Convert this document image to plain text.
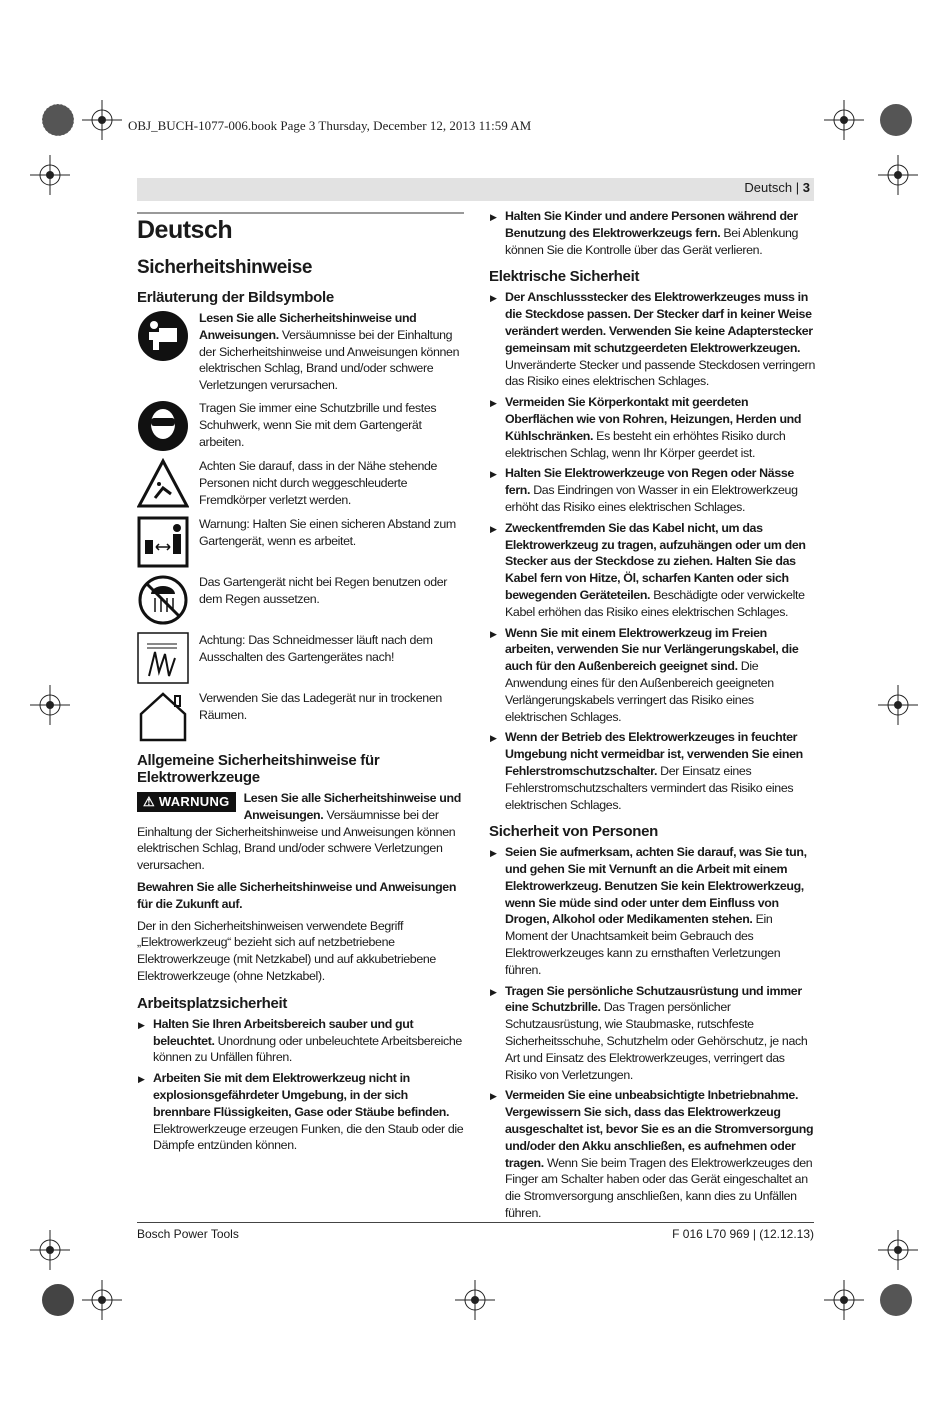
OBJ_BUCH-1077-006.book Page 3 Thursday, December 12, 2013 11:59 AM
Deutsch | 3
Deutsch
Sicherheitshinweise
Erläuterung der Bildsymbole

Lesen Sie alle Sicherheitshinweise und Anweisungen. Versäumnisse bei der Einhaltung der Sicherheitshinweise und Anweisungen können elektrischen Schlag, Brand und/oder schwere Verletzungen verursachen.

Tragen Sie immer eine Schutzbrille und festes Schuhwerk, wenn Sie mit dem Gartengerät arbeiten.

Achten Sie darauf, dass in der Nähe stehende Personen nicht durch weggeschleuderte Fremdkörper verletzt werden.

Warnung: Halten Sie einen sicheren Abstand zum Gartengerät, wenn es arbeitet.

Das Gartengerät nicht bei Regen benutzen oder dem Regen aussetzen.

Achtung: Das Schneidmesser läuft nach dem Ausschalten des Gartengerätes nach!

Verwenden Sie das Ladegerät nur in trockenen Räumen.

Allgemeine Sicherheitshinweise für Elektrowerkzeuge
⚠ WARNUNG	Lesen Sie alle Sicherheitshinweise und Anweisungen. Versäumnisse bei der Einhaltung der Sicherheitshinweise und Anweisungen können elektrischen Schlag, Brand und/oder schwere Verletzungen verursachen.

Bewahren Sie alle Sicherheitshinweise und Anweisungen für die Zukunft auf.

Der in den Sicherheitshinweisen verwendete Begriff „Elektrowerkzeug“ bezieht sich auf netzbetriebene Elektrowerkzeuge (mit Netzkabel) und auf akkubetriebene Elektrowerkzeuge (ohne Netzkabel).

Arbeitsplatzsicherheit
▶ Halten Sie Ihren Arbeitsbereich sauber und gut beleuchtet. Unordnung oder unbeleuchtete Arbeitsbereiche können zu Unfällen führen.
▶ Arbeiten Sie mit dem Elektrowerkzeug nicht in explosionsgefährdeter Umgebung, in der sich brennbare Flüssigkeiten, Gase oder Stäube befinden. Elektrowerkzeuge erzeugen Funken, die den Staub oder die Dämpfe entzünden können.
▶ Halten Sie Kinder und andere Personen während der Benutzung des Elektrowerkzeugs fern. Bei Ablenkung können Sie die Kontrolle über das Gerät verlieren.
Elektrische Sicherheit
▶ Der Anschlussstecker des Elektrowerkzeuges muss in die Steckdose passen. Der Stecker darf in keiner Weise verändert werden. Verwenden Sie keine Adapterstecker gemeinsam mit schutzgeerdeten Elektrowerkzeugen. Unveränderte Stecker und passende Steckdosen verringern das Risiko eines elektrischen Schlages.
▶ Vermeiden Sie Körperkontakt mit geerdeten Oberflächen wie von Rohren, Heizungen, Herden und Kühlschränken. Es besteht ein erhöhtes Risiko durch elektrischen Schlag, wenn Ihr Körper geerdet ist.
▶ Halten Sie Elektrowerkzeuge von Regen oder Nässe fern. Das Eindringen von Wasser in ein Elektrowerkzeug erhöht das Risiko eines elektrischen Schlages.
▶ Zweckentfremden Sie das Kabel nicht, um das Elektrowerkzeug zu tragen, aufzuhängen oder um den Stecker aus der Steckdose zu ziehen. Halten Sie das Kabel fern von Hitze, Öl, scharfen Kanten oder sich bewegenden Geräteteilen. Beschädigte oder verwickelte Kabel erhöhen das Risiko eines elektrischen Schlages.
▶ Wenn Sie mit einem Elektrowerkzeug im Freien arbeiten, verwenden Sie nur Verlängerungskabel, die auch für den Außenbereich geeignet sind. Die Anwendung eines für den Außenbereich geeigneten Verlängerungskabels verringert das Risiko eines elektrischen Schlages.
▶ Wenn der Betrieb des Elektrowerkzeuges in feuchter Umgebung nicht vermeidbar ist, verwenden Sie einen Fehlerstromschutzschalter. Der Einsatz eines Fehlerstromschutzschalters vermindert das Risiko eines elektrischen Schlages.
Sicherheit von Personen
▶ Seien Sie aufmerksam, achten Sie darauf, was Sie tun, und gehen Sie mit Vernunft an die Arbeit mit einem Elektrowerkzeug. Benutzen Sie kein Elektrowerkzeug, wenn Sie müde sind oder unter dem Einfluss von Drogen, Alkohol oder Medikamenten stehen. Ein Moment der Unachtsamkeit beim Gebrauch des Elektrowerkzeuges kann zu ernsthaften Verletzungen führen.
▶ Tragen Sie persönliche Schutzausrüstung und immer eine Schutzbrille. Das Tragen persönlicher Schutzausrüstung, wie Staubmaske, rutschfeste Sicherheitsschuhe, Schutzhelm oder Gehörschutz, je nach Art und Einsatz des Elektrowerkzeuges, verringert das Risiko von Verletzungen.
▶ Vermeiden Sie eine unbeabsichtigte Inbetriebnahme. Vergewissern Sie sich, dass das Elektrowerkzeug ausgeschaltet ist, bevor Sie es an die Stromversorgung und/oder den Akku anschließen, es aufnehmen oder tragen. Wenn Sie beim Tragen des Elektrowerkzeuges den Finger am Schalter haben oder das Gerät eingeschaltet an die Stromversorgung anschließen, kann dies zu Unfällen führen.
Bosch Power Tools	F 016 L70 969 | (12.12.13)
